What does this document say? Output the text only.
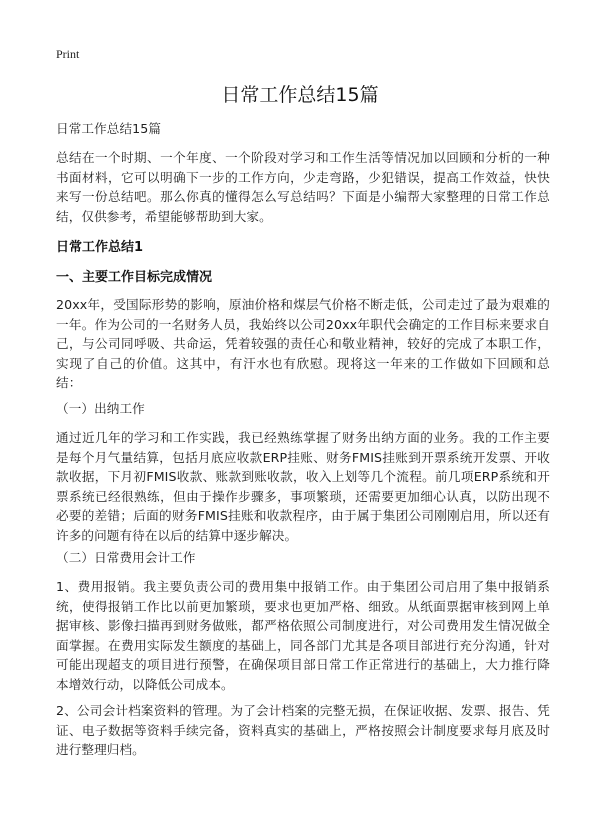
Print
日常工作总结15篇

日常工作总结15篇

总结在一个时期、一个年度、一个阶段对学习和工作生活等情况加以回顾和分析的一种书面材料，它可以明确下一步的工作方向，少走弯路，少犯错误，提高工作效益，快快来写一份总结吧。那么你真的懂得怎么写总结吗？下面是小编帮大家整理的日常工作总结，仅供参考，希望能够帮助到大家。

日常工作总结1
一、主要工作目标完成情况

20xx年，受国际形势的影响，原油价格和煤层气价格不断走低，公司走过了最为艰难的一年。作为公司的一名财务人员，我始终以公司20xx年职代会确定的工作目标来要求自己，与公司同呼吸、共命运，凭着较强的责任心和敬业精神，较好的完成了本职工作，实现了自己的价值。这其中，有汗水也有欣慰。现将这一年来的工作做如下回顾和总结：

（一）出纳工作

通过近几年的学习和工作实践，我已经熟练掌握了财务出纳方面的业务。我的工作主要是每个月气量结算，包括月底应收款ERP挂账、财务FMIS挂账到开票系统开发票、开收款收据，下月初FMIS收款、账款到账收款，收入上划等几个流程。前几项ERP系统和开票系统已经很熟练，但由于操作步骤多，事项繁琐，还需要更加细心认真，以防出现不必要的差错；后面的财务FMIS挂账和收款程序，由于属于集团公司刚刚启用，所以还有许多的问题有待在以后的结算中逐步解决。

（二）日常费用会计工作

1、费用报销。我主要负责公司的费用集中报销工作。由于集团公司启用了集中报销系统，使得报销工作比以前更加繁琐，要求也更加严格、细致。从纸面票据审核到网上单据审核、影像扫描再到财务做账，都严格依照公司制度进行，对公司费用发生情况做全面掌握。在费用实际发生额度的基础上，同各部门尤其是各项目部进行充分沟通，针对可能出现超支的项目进行预警，在确保项目部日常工作正常进行的基础上，大力推行降本增效行动，以降低公司成本。

2、公司会计档案资料的管理。为了会计档案的完整无损，在保证收据、发票、报告、凭证、电子数据等资料手续完备，资料真实的基础上，严格按照会计制度要求每月底及时进行整理归档。
